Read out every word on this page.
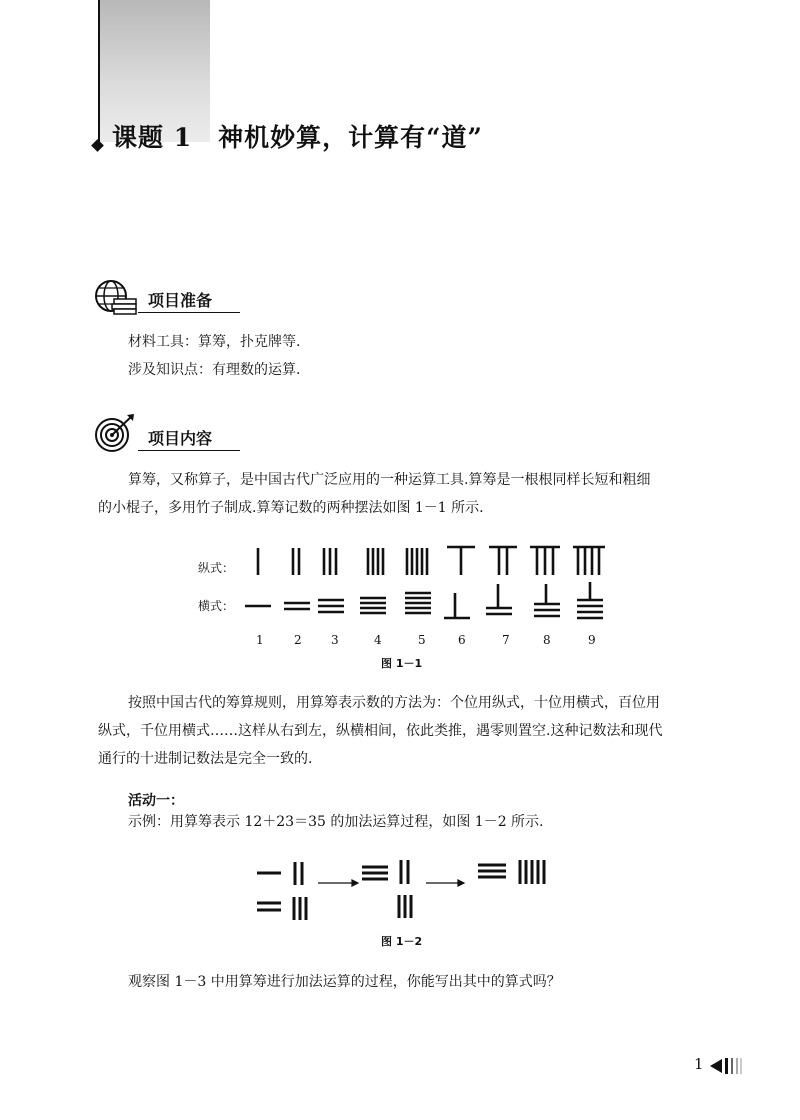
课题 1　神机妙算，计算有“道”
项目准备
材料工具：算筹，扑克牌等.
涉及知识点：有理数的运算.
项目内容
算筹，又称算子，是中国古代广泛应用的一种运算工具.算筹是一根根同样长短和粗细
的小棍子，多用竹子制成.算筹记数的两种摆法如图 1－1 所示.
纵式：
横式：
1	2 3	4	5	6	7	8	9
图 1－1
按照中国古代的筹算规则，用算筹表示数的方法为：个位用纵式，十位用横式，百位用
纵式，千位用横式……这样从右到左，纵横相间，依此类推，遇零则置空.这种记数法和现代
通行的十进制记数法是完全一致的.
活动一：
示例：用算筹表示 12＋23＝35 的加法运算过程，如图 1－2 所示.
图 1－2
观察图 1－3 中用算筹进行加法运算的过程，你能写出其中的算式吗？
1
